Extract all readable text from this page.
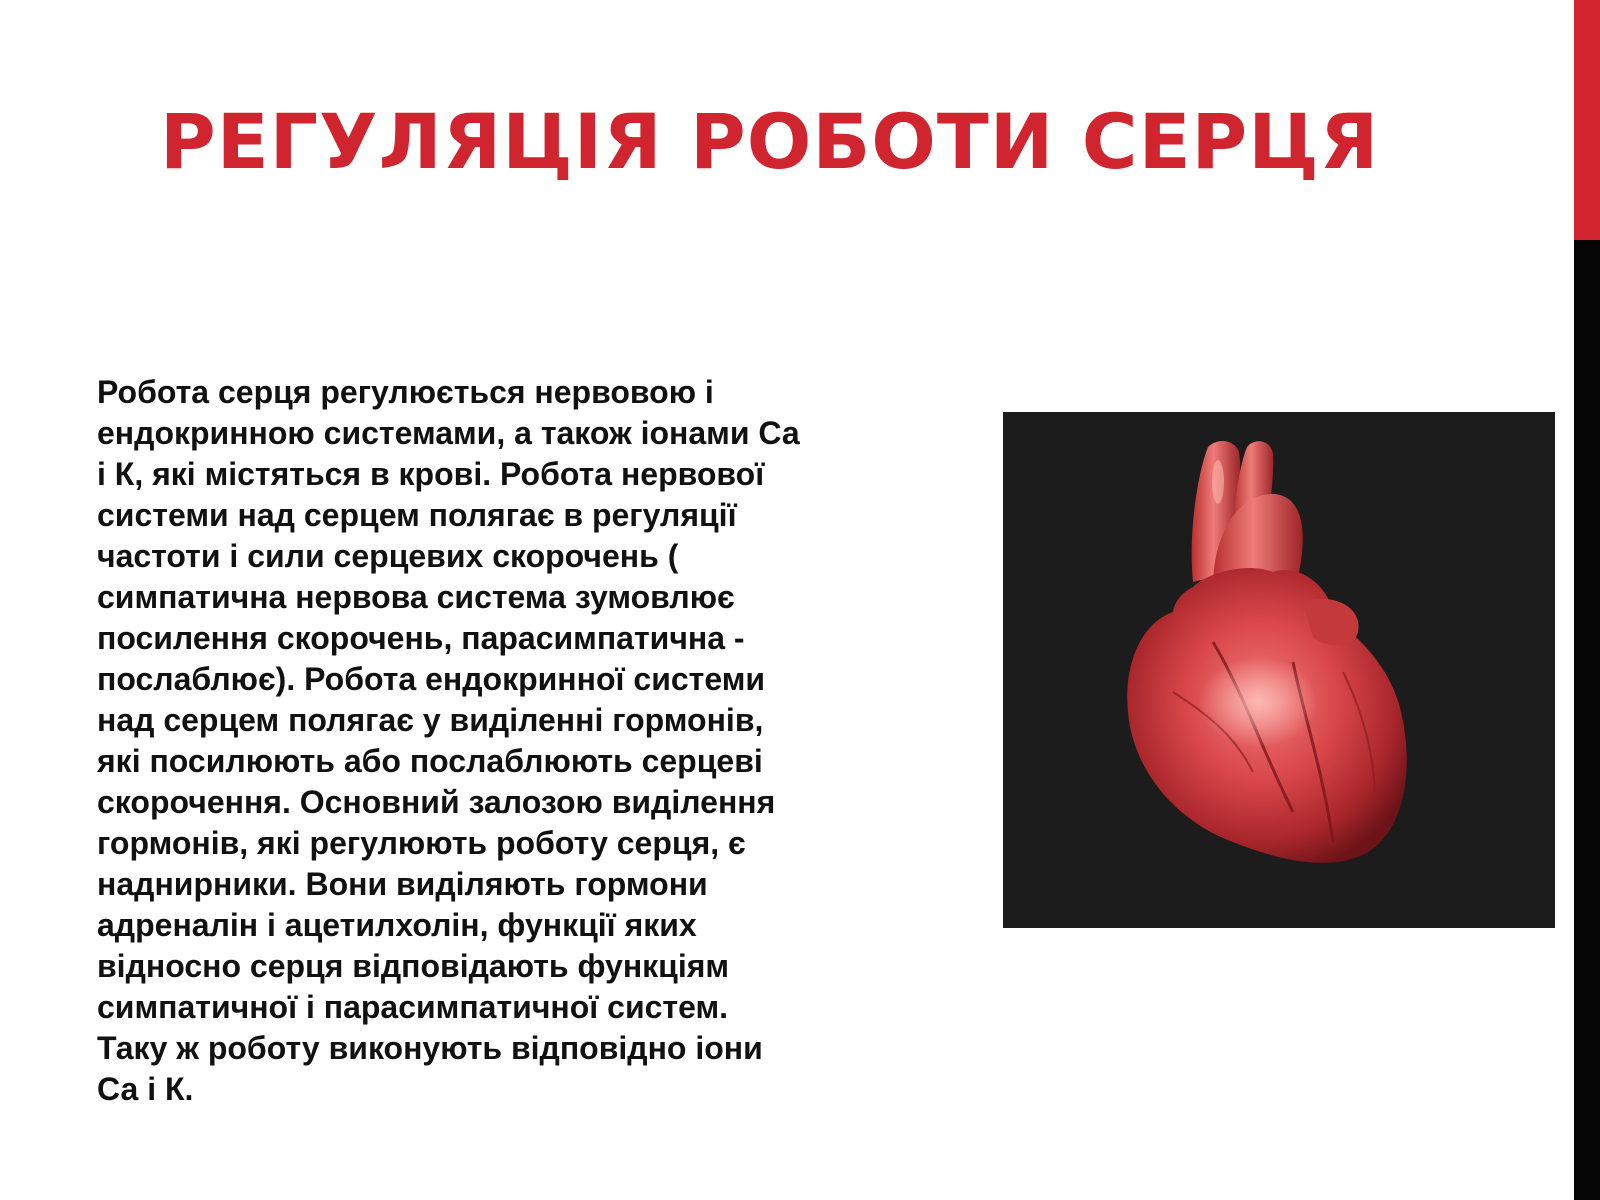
РЕГУЛЯЦІЯ РОБОТИ СЕРЦЯ
Робота серця регулюється нервовою і
ендокринною системами, а також іонами Са
і К, які містяться в крові. Робота нервової
системи над серцем полягає в регуляції
частоти і сили серцевих скорочень (
симпатична нервова система зумовлює
посилення скорочень, парасимпатична -
послаблює). Робота ендокринної системи
над серцем полягає у виділенні гормонів,
які посилюють або послаблюють серцеві
скорочення. Основний залозою виділення
гормонів, які регулюють роботу серця, є
наднирники. Вони виділяють гормони
адреналін і ацетилхолін, функції яких
відносно серця відповідають функціям
симпатичної і парасимпатичної систем.
Таку ж роботу виконують відповідно іони
Са і К.
